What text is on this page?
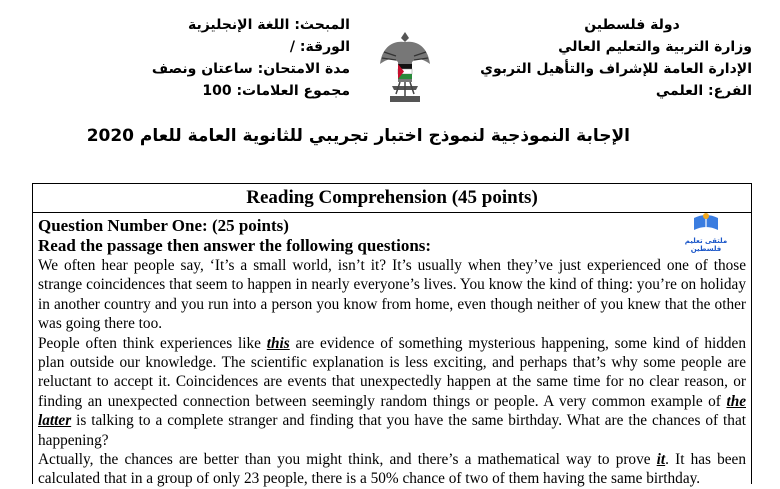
دولة فلسطين
وزارة التربية والتعليم العالي
الإدارة العامة للإشراف والتأهيل التربوي
الفرع: العلمي
المبحث: اللغة الإنجليزية
الورقة: /
مدة الامتحان: ساعتان ونصف
مجموع العلامات: 100
الإجابة النموذجية لنموذج اختبار تجريبي للثانوية العامة للعام 2020
Reading Comprehension (45 points)
Question Number One: (25 points)
Read the passage then answer the following questions:

We often hear people say, ‘It’s a small world, isn’t it? It’s usually when they’ve just experienced one of those strange coincidences that seem to happen in nearly everyone’s lives. You know the kind of thing: you’re on holiday in another country and you run into a person you know from home, even though neither of you knew that the other was going there too.

People often think experiences like this are evidence of something mysterious happening, some kind of hidden plan outside our knowledge. The scientific explanation is less exciting, and perhaps that’s why some people are reluctant to accept it. Coincidences are events that unexpectedly happen at the same time for no clear reason, or finding an unexpected connection between seemingly random things or people. A very common example of the latter is talking to a complete stranger and finding that you have the same birthday. What are the chances of that happening?

Actually, the chances are better than you might think, and there’s a mathematical way to prove it. It has been calculated that in a group of only 23 people, there is a 50% chance of two of them having the same birthday.

ملتقى تعليم فلسطين
